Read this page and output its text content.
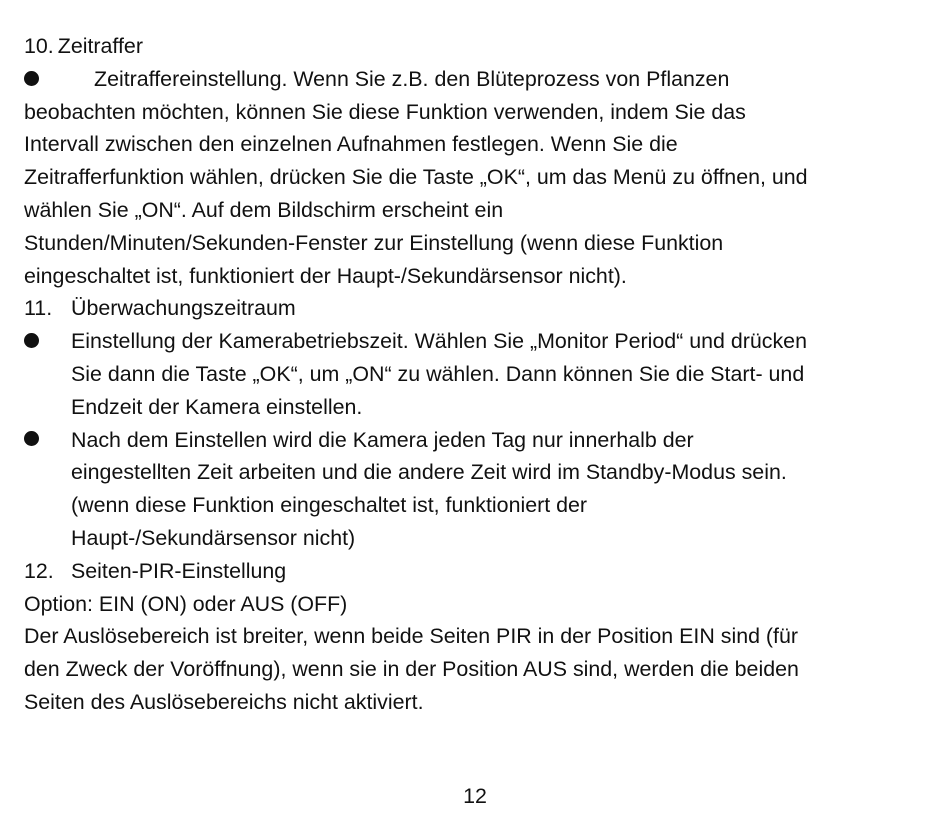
10. Zeitraffer
Zeitraffereinstellung. Wenn Sie z.B. den Blüteprozess von Pflanzen
beobachten möchten, können Sie diese Funktion verwenden, indem Sie das
Intervall zwischen den einzelnen Aufnahmen festlegen. Wenn Sie die
Zeitrafferfunktion wählen, drücken Sie die Taste „OK“, um das Menü zu öffnen, und
wählen Sie „ON“. Auf dem Bildschirm erscheint ein
Stunden/Minuten/Sekunden-Fenster zur Einstellung (wenn diese Funktion
eingeschaltet ist, funktioniert der Haupt-/Sekundärsensor nicht).
11. Überwachungszeitraum
Einstellung der Kamerabetriebszeit. Wählen Sie „Monitor Period“ und drücken
Sie dann die Taste „OK“, um „ON“ zu wählen. Dann können Sie die Start- und
Endzeit der Kamera einstellen.
Nach dem Einstellen wird die Kamera jeden Tag nur innerhalb der
eingestellten Zeit arbeiten und die andere Zeit wird im Standby-Modus sein.
(wenn diese Funktion eingeschaltet ist, funktioniert der
Haupt-/Sekundärsensor nicht)
12. Seiten-PIR-Einstellung
Option: EIN (ON) oder AUS (OFF)
Der Auslösebereich ist breiter, wenn beide Seiten PIR in der Position EIN sind (für
den Zweck der Voröffnung), wenn sie in der Position AUS sind, werden die beiden
Seiten des Auslösebereichs nicht aktiviert.
12
